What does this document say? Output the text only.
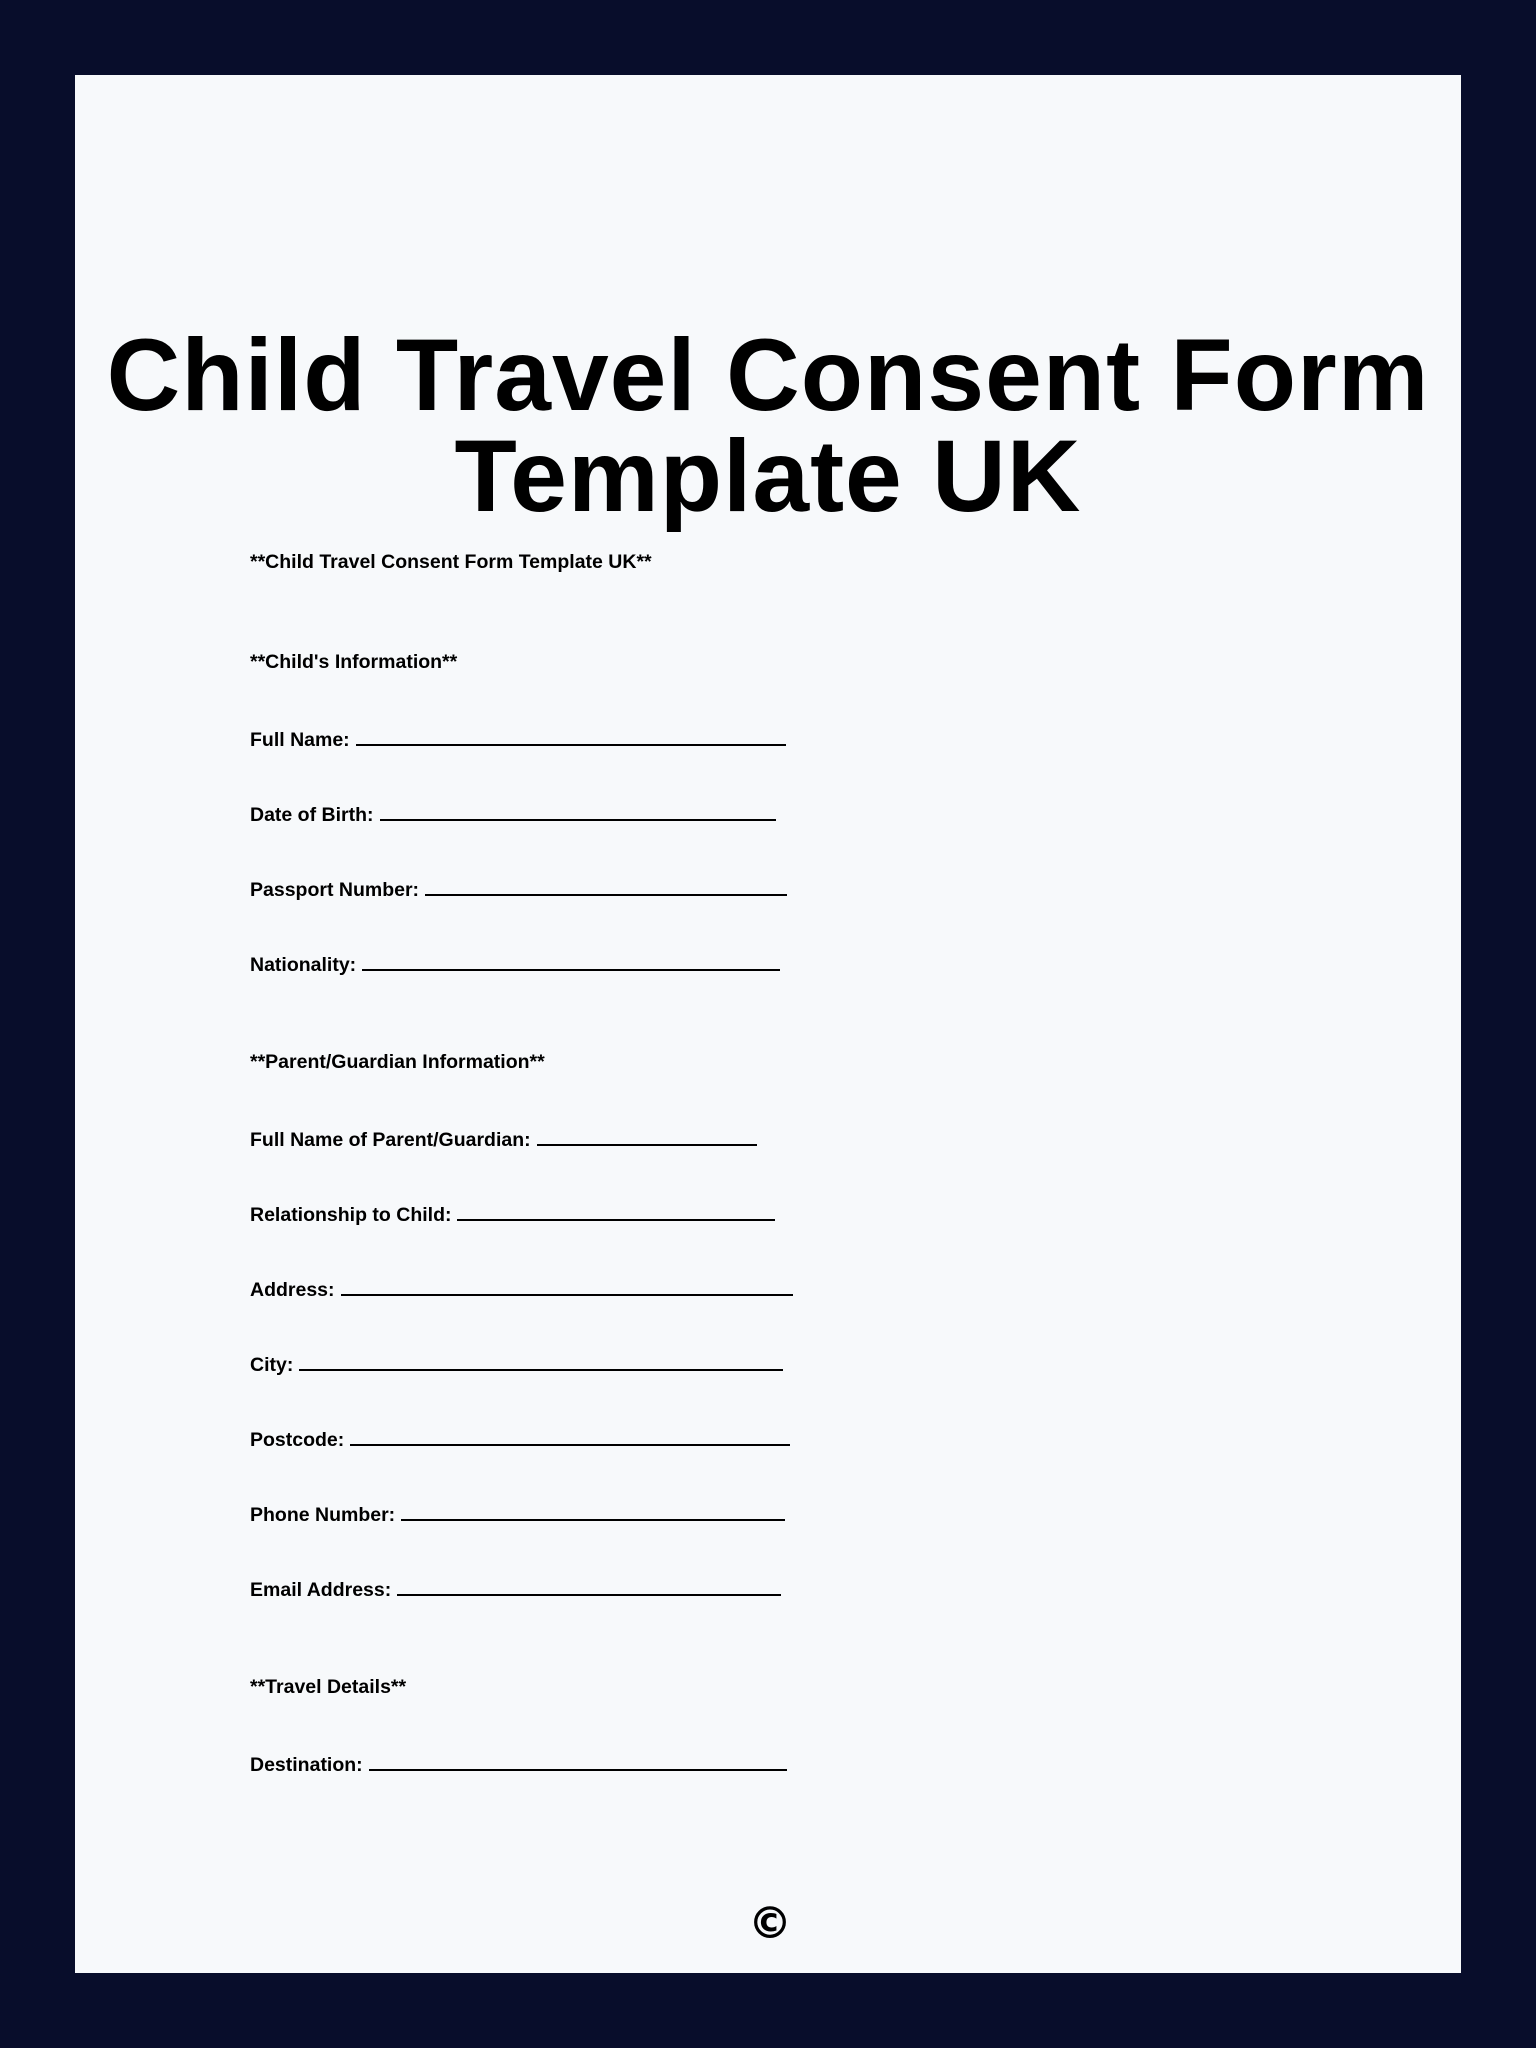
Child Travel Consent Form
Template UK
**Child Travel Consent Form Template UK**
**Child's Information**
Full Name:
Date of Birth:
Passport Number:
Nationality:
**Parent/Guardian Information**
Full Name of Parent/Guardian:
Relationship to Child:
Address:
City:
Postcode:
Phone Number:
Email Address:
**Travel Details**
Destination:
©
